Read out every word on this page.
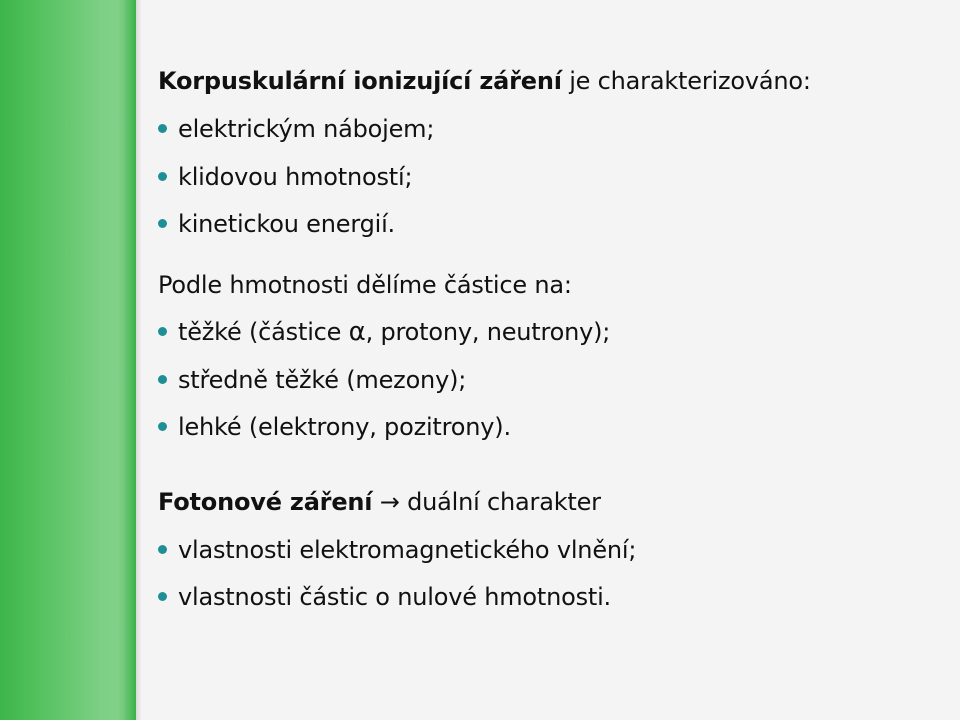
Korpuskulární ionizující záření je charakterizováno:
elektrickým nábojem;
klidovou hmotností;
kinetickou energií.
Podle hmotnosti dělíme částice na:
těžké (částice α, protony, neutrony);
středně těžké (mezony);
lehké (elektrony, pozitrony).
Fotonové záření → duální charakter
vlastnosti elektromagnetického vlnění;
vlastnosti částic o nulové hmotnosti.
